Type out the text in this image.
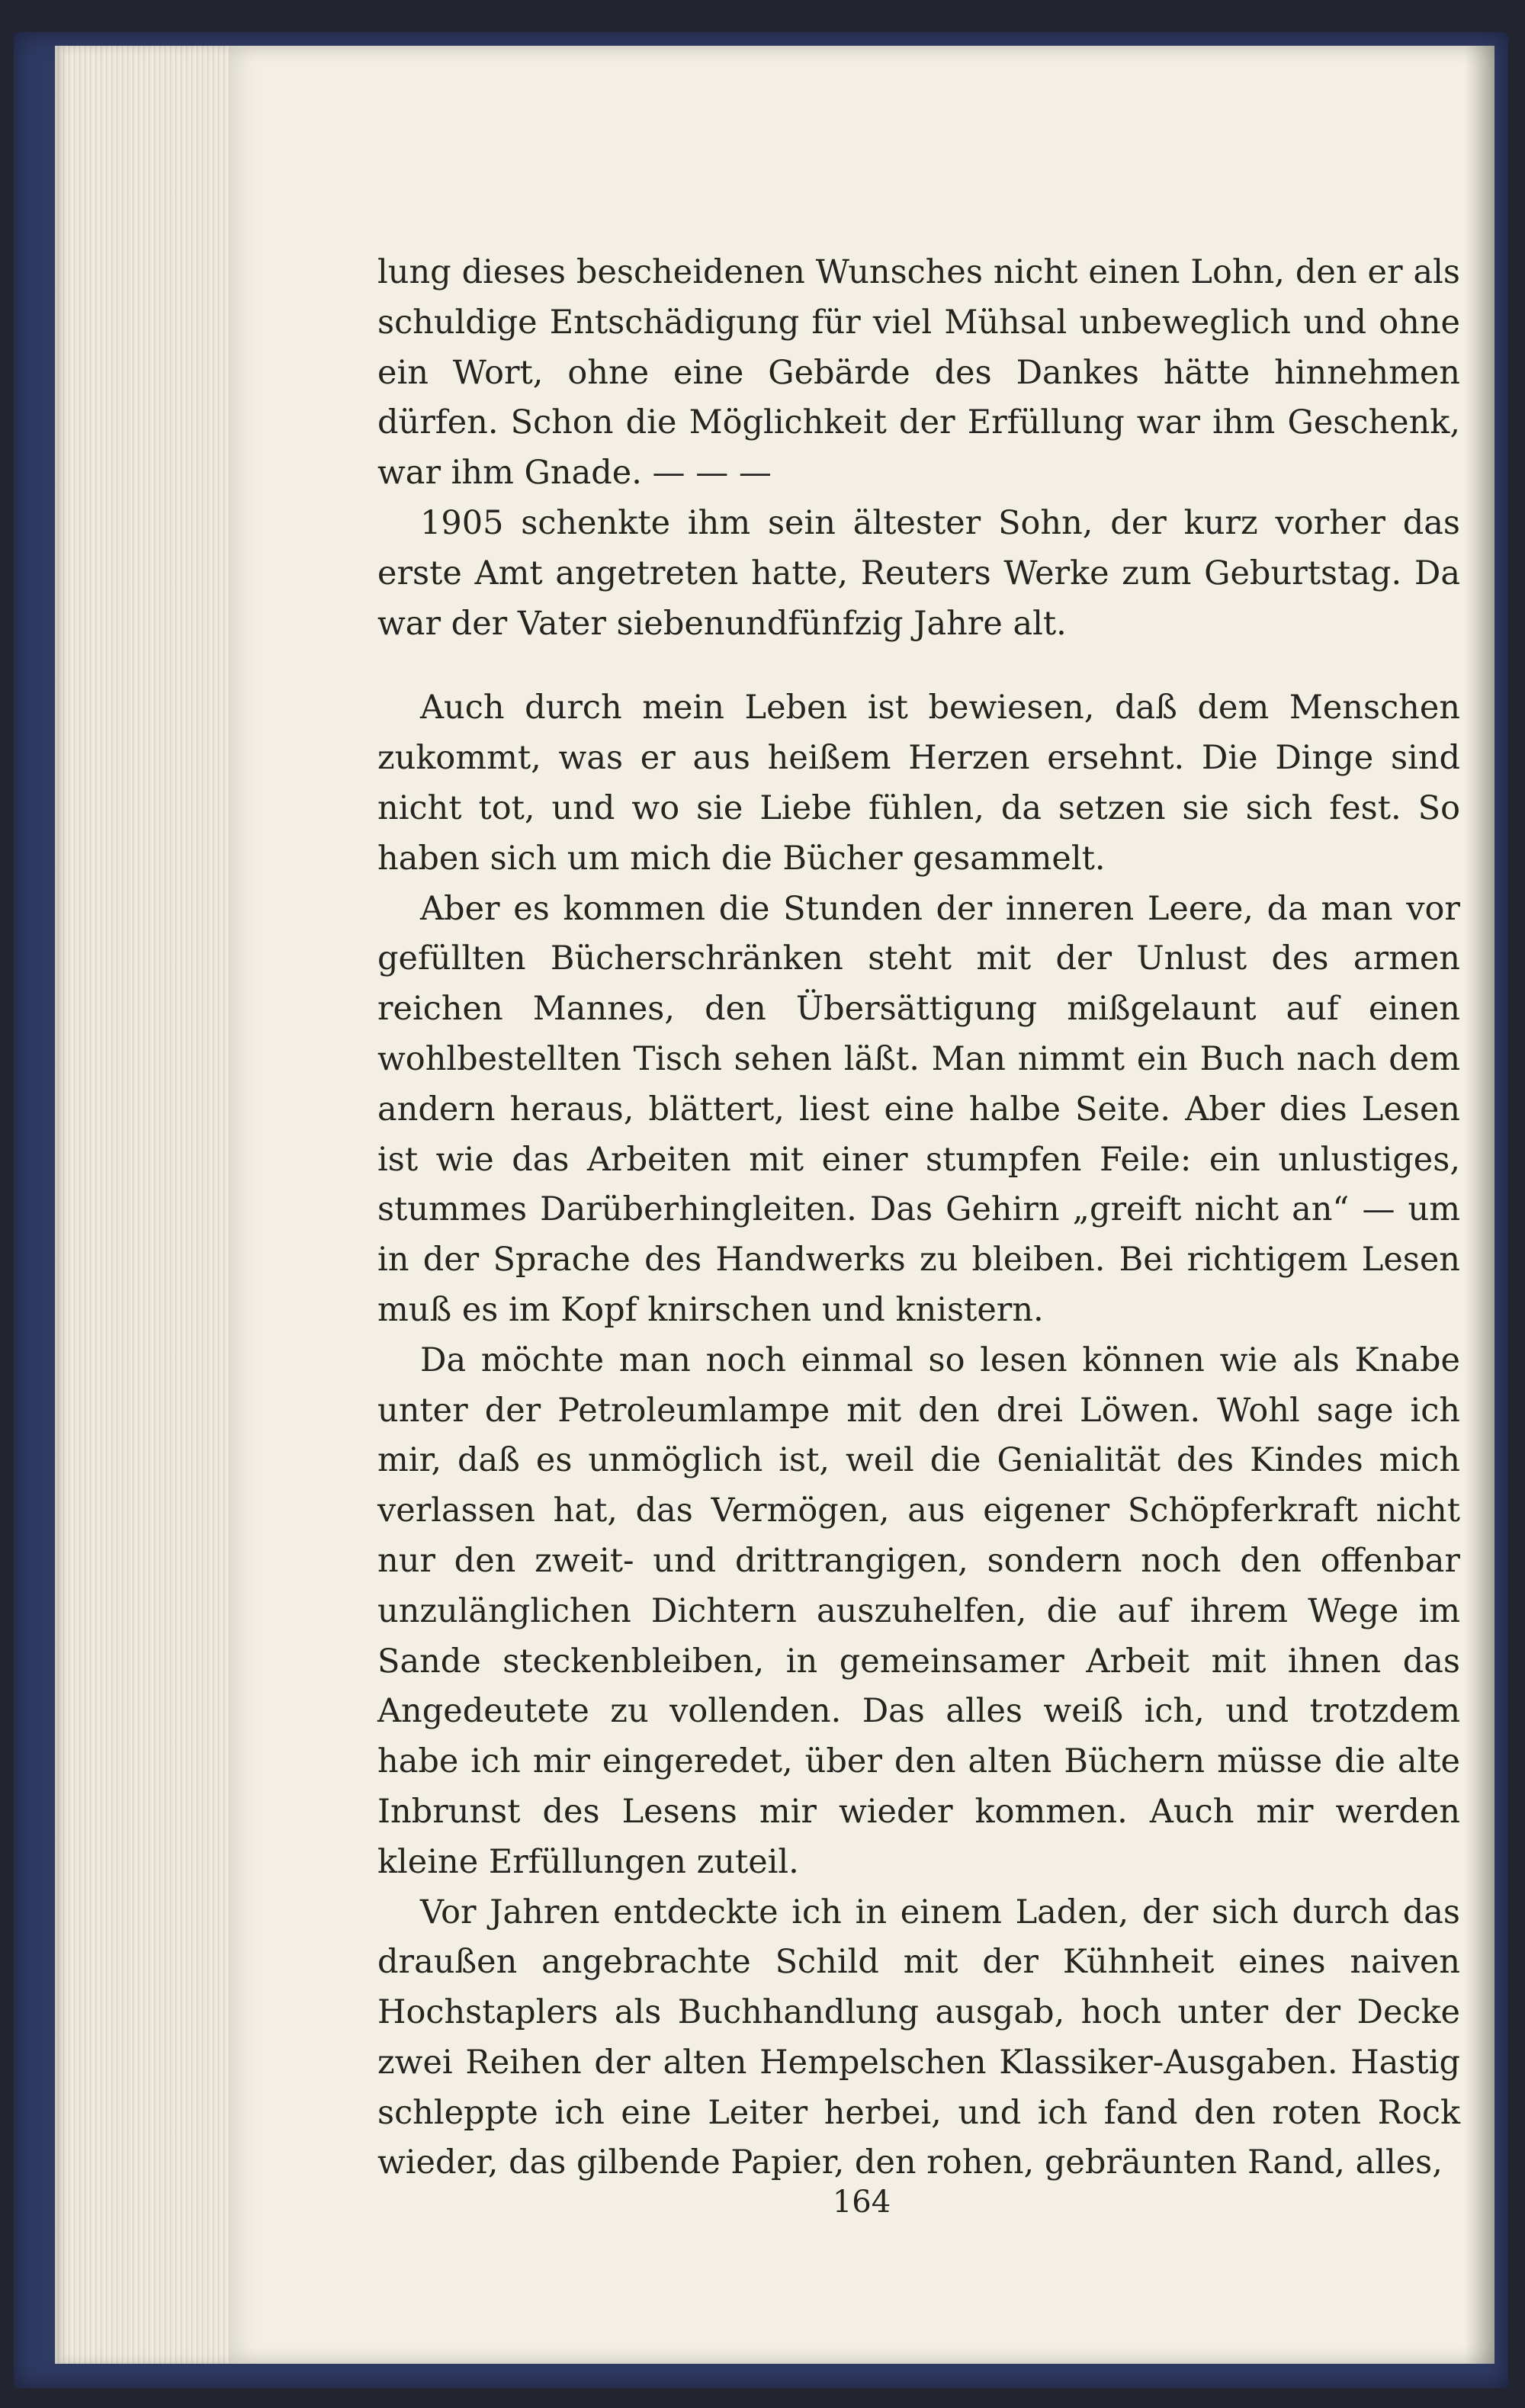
lung dieses bescheidenen Wunsches nicht einen Lohn, den er als schuldige Entschädigung für viel Mühsal unbeweglich und ohne ein Wort, ohne eine Gebärde des Dankes hätte hinnehmen dürfen. Schon die Möglichkeit der Erfüllung war ihm Geschenk, war ihm Gnade. — — —

1905 schenkte ihm sein ältester Sohn, der kurz vorher das erste Amt angetreten hatte, Reuters Werke zum Geburtstag. Da war der Vater siebenundfünfzig Jahre alt.

Auch durch mein Leben ist bewiesen, daß dem Menschen zukommt, was er aus heißem Herzen ersehnt. Die Dinge sind nicht tot, und wo sie Liebe fühlen, da setzen sie sich fest. So haben sich um mich die Bücher gesammelt.

Aber es kommen die Stunden der inneren Leere, da man vor gefüllten Bücherschränken steht mit der Unlust des armen reichen Mannes, den Übersättigung mißgelaunt auf einen wohlbestellten Tisch sehen läßt. Man nimmt ein Buch nach dem andern heraus, blättert, liest eine halbe Seite. Aber dies Lesen ist wie das Arbeiten mit einer stumpfen Feile: ein unlustiges, stummes Darüberhingleiten. Das Gehirn „greift nicht an“ — um in der Sprache des Handwerks zu bleiben. Bei richtigem Lesen muß es im Kopf knirschen und knistern.

Da möchte man noch einmal so lesen können wie als Knabe unter der Petroleumlampe mit den drei Löwen. Wohl sage ich mir, daß es unmöglich ist, weil die Genialität des Kindes mich verlassen hat, das Vermögen, aus eigener Schöpferkraft nicht nur den zweit- und drittrangigen, sondern noch den offenbar unzulänglichen Dichtern auszuhelfen, die auf ihrem Wege im Sande steckenbleiben, in gemeinsamer Arbeit mit ihnen das Angedeutete zu vollenden. Das alles weiß ich, und trotzdem habe ich mir eingeredet, über den alten Büchern müsse die alte Inbrunst des Lesens mir wieder kommen. Auch mir werden kleine Erfüllungen zuteil.

Vor Jahren entdeckte ich in einem Laden, der sich durch das draußen angebrachte Schild mit der Kühnheit eines naiven Hochstaplers als Buchhandlung ausgab, hoch unter der Decke zwei Reihen der alten Hempelschen Klassiker-Ausgaben. Hastig schleppte ich eine Leiter herbei, und ich fand den roten Rock wieder, das gilbende Papier, den rohen, gebräunten Rand, alles,

164
